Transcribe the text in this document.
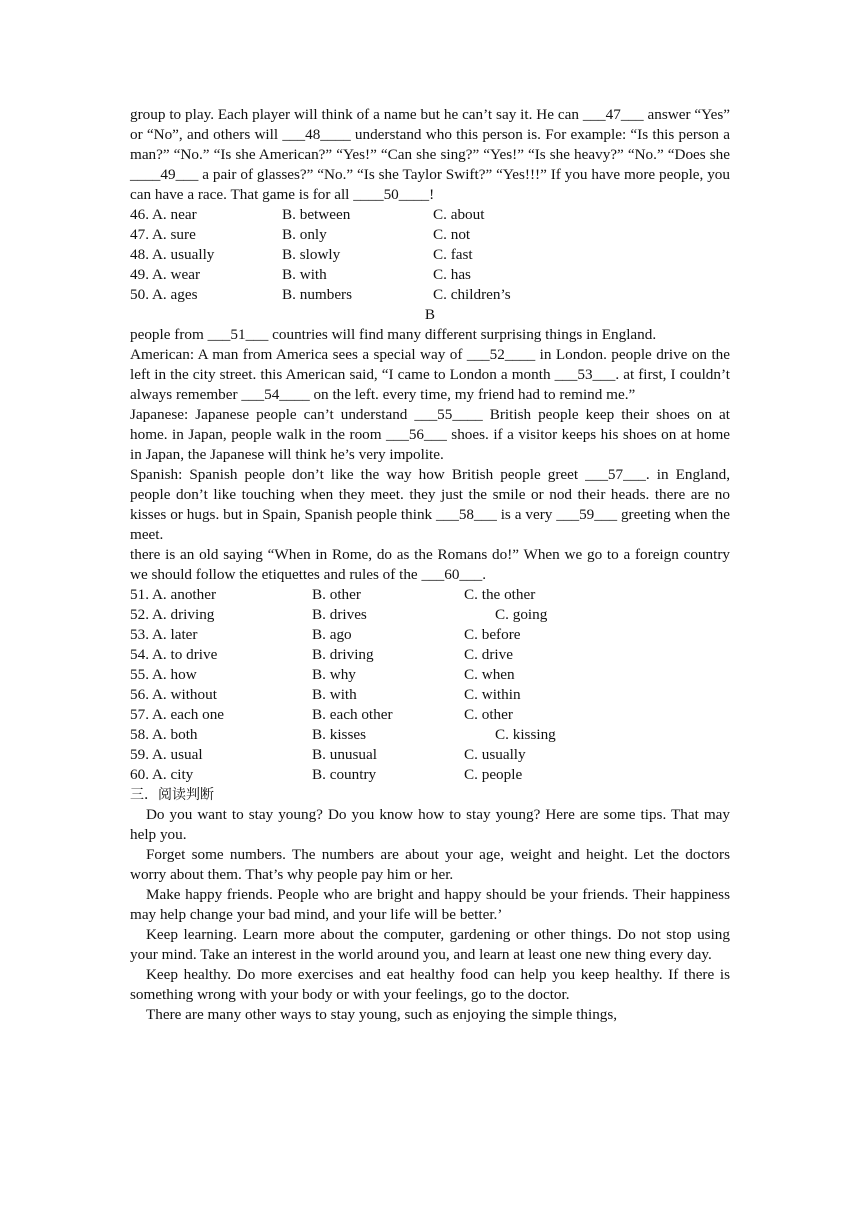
group to play. Each player will think of a name but he can’t say it. He can ___47___ answer “Yes” or “No”, and others will ___48____ understand who this person is. For example: “Is this person a man?” “No.” “Is she American?” “Yes!” “Can she sing?” “Yes!” “Is she heavy?” “No.” “Does she ____49___ a pair of glasses?” “No.” “Is she Taylor Swift?” “Yes!!!” If you have more people, you can have a race. That game is for all ____50____!

46. A. near	B. between	C. about
47. A. sure	B. only	C. not
48. A. usually	B. slowly	C. fast
49. A. wear	B. with	C. has
50. A. ages	B. numbers	C. children’s
B

people from ___51___ countries will find many different surprising things in England.

American: A man from America sees a special way of ___52____ in London. people drive on the left in the city street. this American said, “I came to London a month ___53___. at first, I couldn’t always remember ___54____ on the left. every time, my friend had to remind me.”

Japanese: Japanese people can’t understand ___55____ British people keep their shoes on at home. in Japan, people walk in the room ___56___ shoes. if a visitor keeps his shoes on at home in Japan, the Japanese will think he’s very impolite.

Spanish: Spanish people don’t like the way how British people greet ___57___. in England, people don’t like touching when they meet. they just the smile or nod their heads. there are no kisses or hugs. but in Spain, Spanish people think ___58___ is a very ___59___ greeting when the meet.

there is an old saying “When in Rome, do as the Romans do!” When we go to a foreign country we should follow the etiquettes and rules of the ___60___.

51. A. another	B. other	C. the other
52. A. driving	B. drives	C. going
53. A. later	B. ago	C. before
54. A. to drive	B. driving	C. drive
55. A. how	B. why	C. when
56. A. without	B. with	C. within
57. A. each one	B. each other	C. other
58. A. both	B. kisses	C. kissing
59. A. usual	B. unusual	C. usually
60. A. city	B. country	C. people
三．阅读判断

Do you want to stay young? Do you know how to stay young? Here are some tips. That may help you.

Forget some numbers. The numbers are about your age, weight and height. Let the doctors worry about them. That’s why people pay him or her.

Make happy friends. People who are bright and happy should be your friends. Their happiness may help change your bad mind, and your life will be better.’

Keep learning. Learn more about the computer, gardening or other things. Do not stop using your mind. Take an interest in the world around you, and learn at least one new thing every day.

Keep healthy. Do more exercises and eat healthy food can help you keep healthy. If there is something wrong with your body or with your feelings, go to the doctor.

There are many other ways to stay young, such as enjoying the simple things,
